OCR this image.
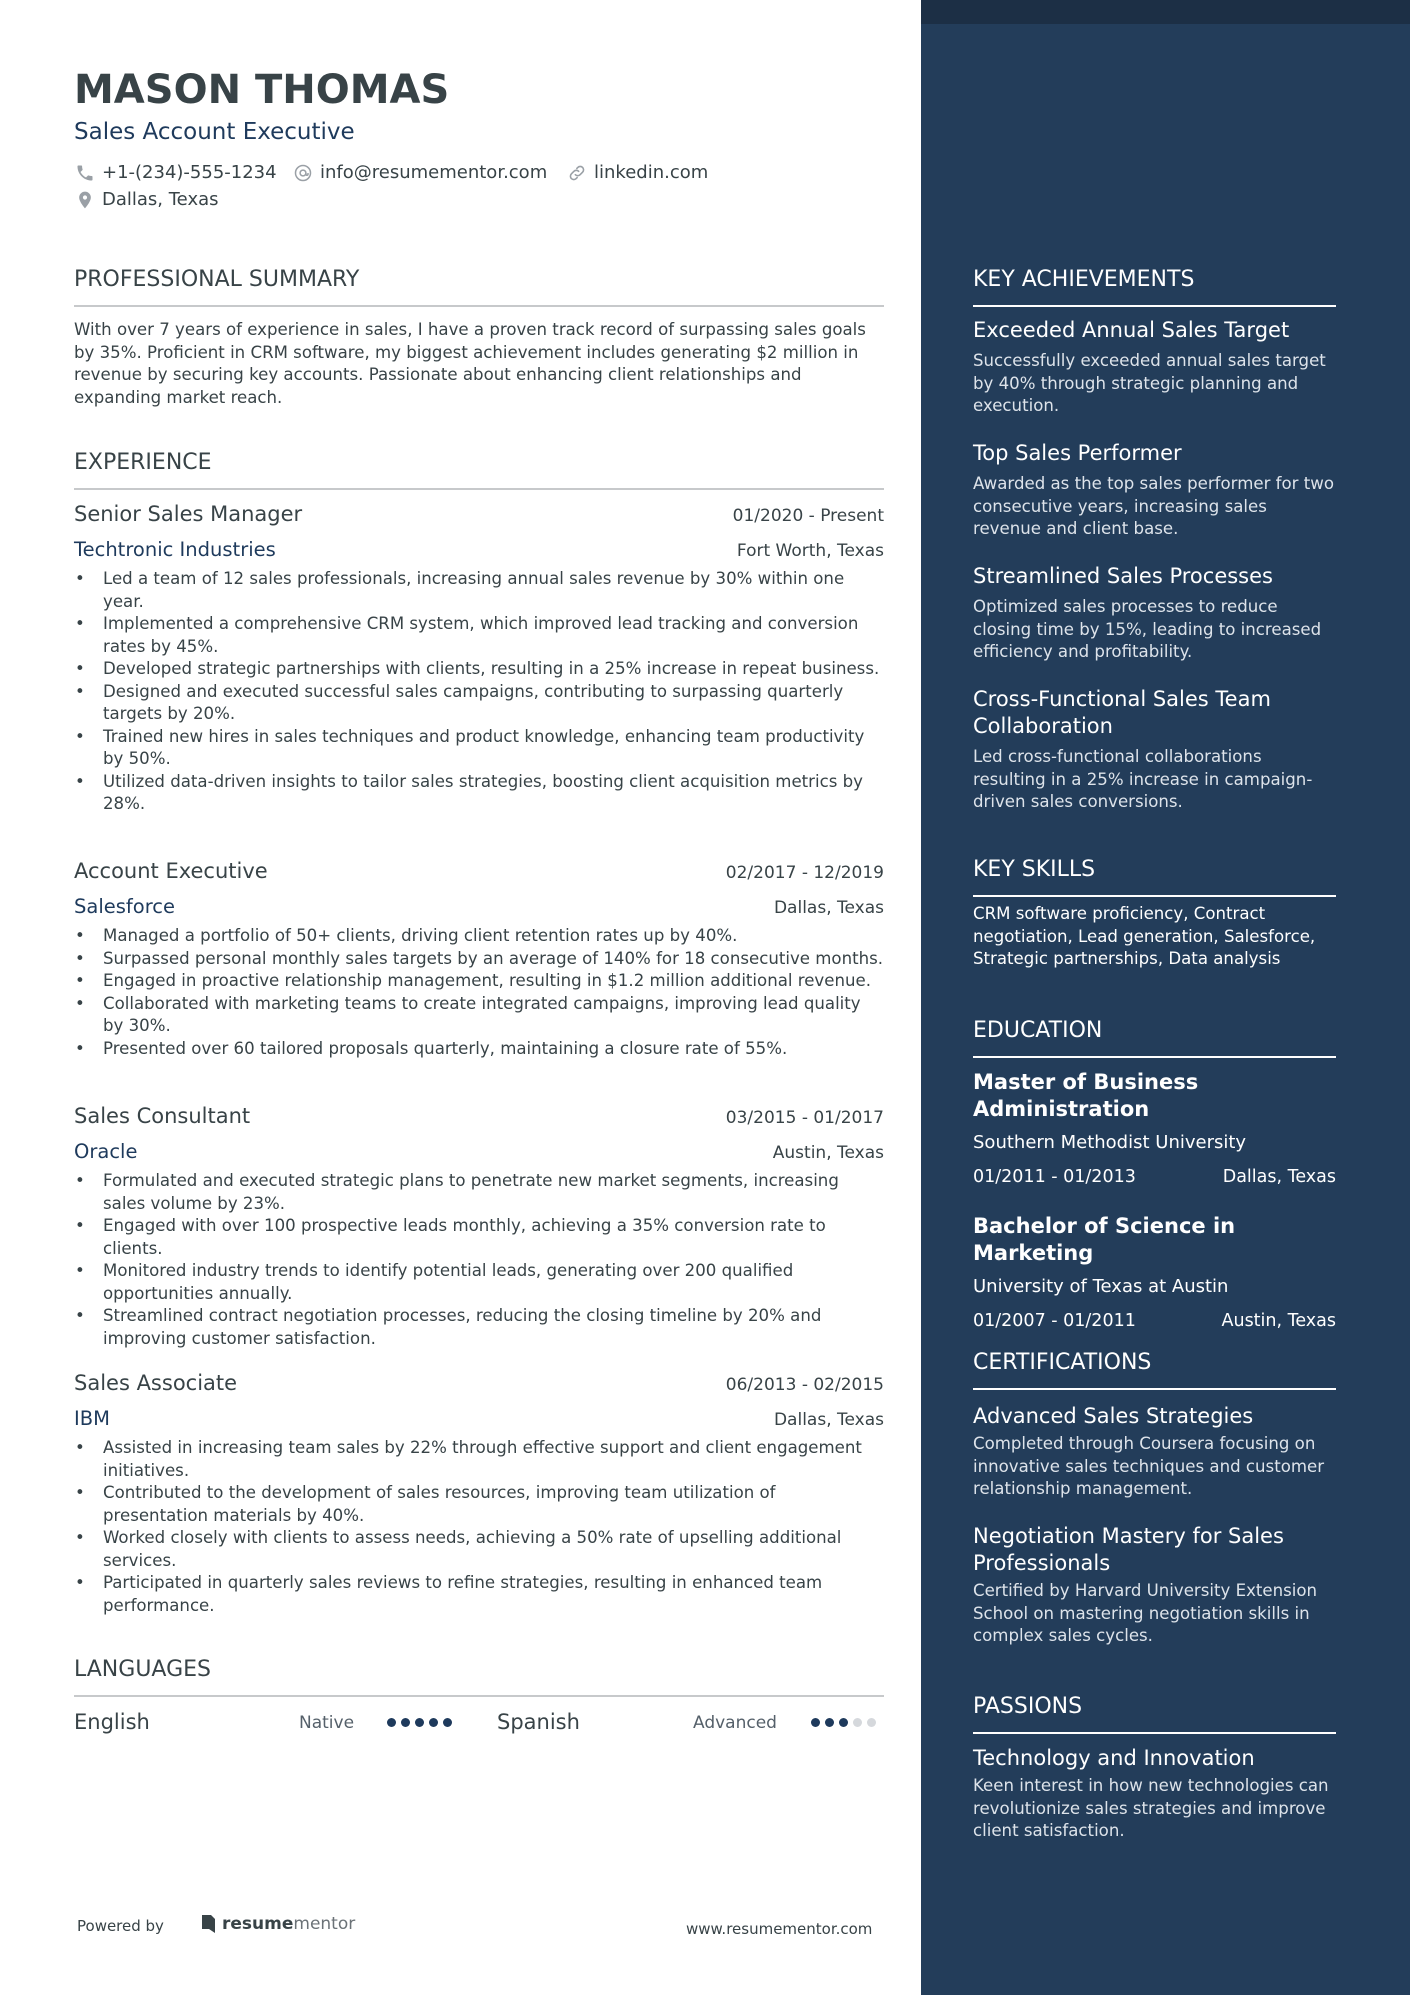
MASON THOMAS
Sales Account Executive
+1-(234)-555-1234 info@resumementor.com	linkedin.com
Dallas, Texas
PROFESSIONAL SUMMARY
With over 7 years of experience in sales, I have a proven track record of surpassing sales goals by 35%. Proficient in CRM software, my biggest achievement includes generating $2 million in revenue by securing key accounts. Passionate about enhancing client relationships and expanding market reach.
EXPERIENCE
Senior Sales Manager	01/2020 - Present
Techtronic Industries	Fort Worth, Texas
• Led a team of 12 sales professionals, increasing annual sales revenue by 30% within one year.
• Implemented a comprehensive CRM system, which improved lead tracking and conversion rates by 45%.
• Developed strategic partnerships with clients, resulting in a 25% increase in repeat business.
• Designed and executed successful sales campaigns, contributing to surpassing quarterly targets by 20%.
• Trained new hires in sales techniques and product knowledge, enhancing team productivity by 50%.
• Utilized data-driven insights to tailor sales strategies, boosting client acquisition metrics by 28%.
Account Executive	02/2017 - 12/2019
Salesforce	Dallas, Texas
• Managed a portfolio of 50+ clients, driving client retention rates up by 40%.
• Surpassed personal monthly sales targets by an average of 140% for 18 consecutive months.
• Engaged in proactive relationship management, resulting in $1.2 million additional revenue.
• Collaborated with marketing teams to create integrated campaigns, improving lead quality by 30%.
• Presented over 60 tailored proposals quarterly, maintaining a closure rate of 55%.
Sales Consultant	03/2015 - 01/2017
Oracle	Austin, Texas
• Formulated and executed strategic plans to penetrate new market segments, increasing sales volume by 23%.
• Engaged with over 100 prospective leads monthly, achieving a 35% conversion rate to clients.
• Monitored industry trends to identify potential leads, generating over 200 qualified opportunities annually.
• Streamlined contract negotiation processes, reducing the closing timeline by 20% and improving customer satisfaction.
Sales Associate	06/2013 - 02/2015
IBM	Dallas, Texas
• Assisted in increasing team sales by 22% through effective support and client engagement initiatives.
• Contributed to the development of sales resources, improving team utilization of presentation materials by 40%.
• Worked closely with clients to assess needs, achieving a 50% rate of upselling additional services.
• Participated in quarterly sales reviews to refine strategies, resulting in enhanced team performance.
LANGUAGES
English	Native	Spanish	Advanced
Powered by	resume mentor	www.resumementor.com
KEY ACHIEVEMENTS
Exceeded Annual Sales Target
Successfully exceeded annual sales target by 40% through strategic planning and execution.
Top Sales Performer
Awarded as the top sales performer for two consecutive years, increasing sales revenue and client base.
Streamlined Sales Processes
Optimized sales processes to reduce closing time by 15%, leading to increased efficiency and profitability.
Cross-Functional Sales Team Collaboration
Led cross-functional collaborations resulting in a 25% increase in campaign-driven sales conversions.
KEY SKILLS
CRM software proficiency, Contract negotiation, Lead generation, Salesforce, Strategic partnerships, Data analysis
EDUCATION
Master of Business Administration
Southern Methodist University
01/2011 - 01/2013	Dallas, Texas
Bachelor of Science in Marketing
University of Texas at Austin
01/2007 - 01/2011	Austin, Texas
CERTIFICATIONS
Advanced Sales Strategies
Completed through Coursera focusing on innovative sales techniques and customer relationship management.
Negotiation Mastery for Sales Professionals
Certified by Harvard University Extension School on mastering negotiation skills in complex sales cycles.
PASSIONS
Technology and Innovation
Keen interest in how new technologies can revolutionize sales strategies and improve client satisfaction.
